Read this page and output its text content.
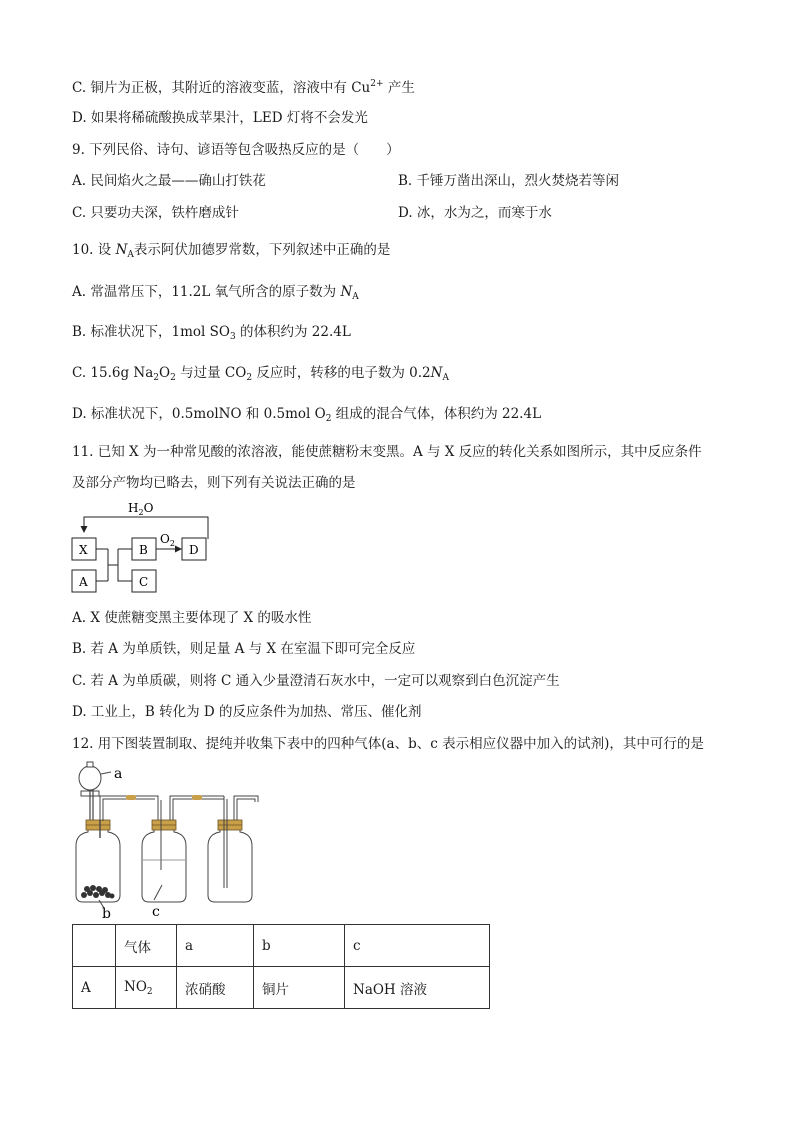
C. 铜片为正极，其附近的溶液变蓝，溶液中有 $Cu^{2+}$ 产生
D. 如果将稀硫酸换成苹果汁，LED 灯将不会发光
9. 下列民俗、诗句、谚语等包含吸热反应的是（　　）
A. 民间焰火之最——确山打铁花	B. 千锤万凿出深山，烈火焚烧若等闲
C. 只要功夫深，铁杵磨成针	D. 冰，水为之，而寒于水
10. 设 $N_A$表示阿伏加德罗常数，下列叙述中正确的是
A. 常温常压下，11.2L 氧气所含的原子数为 $N_A$
B. 标准状况下，1mol $SO_3$ 的体积约为 22.4L
C. 15.6g $Na_2O_2$ 与过量 $CO_2$ 反应时，转移的电子数为 $0.2N_A$
D. 标准状况下，0.5molNO 和 0.5mol $O_2$ 组成的混合气体，体积约为 22.4L
11. 已知 X 为一种常见酸的浓溶液，能使蔗糖粉末变黑。A 与 X 反应的转化关系如图所示，其中反应条件
及部分产物均已略去，则下列有关说法正确的是
$H_2O$
X
A
B
C
D
$O_2$
A. X 使蔗糖变黑主要体现了 X 的吸水性
B. 若 A 为单质铁，则足量 A 与 X 在室温下即可完全反应
C. 若 A 为单质碳，则将 C 通入少量澄清石灰水中，一定可以观察到白色沉淀产生
D. 工业上，B 转化为 D 的反应条件为加热、常压、催化剂
12. 用下图装置制取、提纯并收集下表中的四种气体(a、b、c 表示相应仪器中加入的试剂)，其中可行的是
a
b	c
	气体	a	b	c
A	$NO_2$	浓硝酸	铜片	NaOH 溶液
